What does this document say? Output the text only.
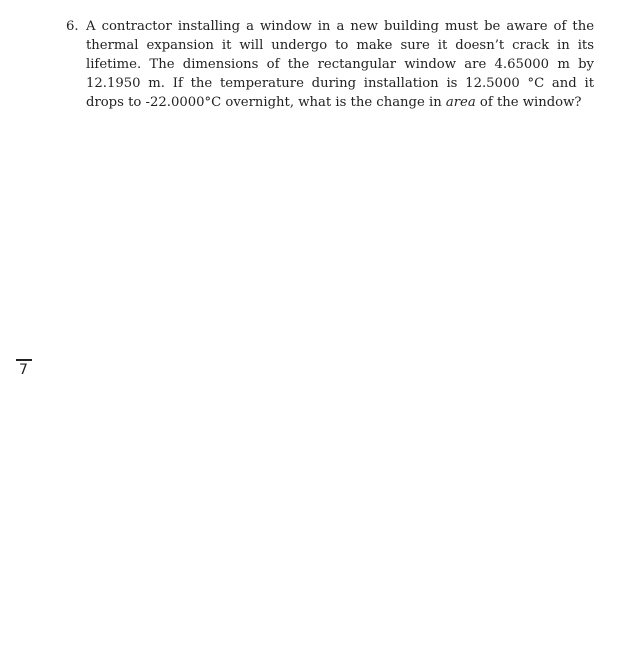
6. A contractor installing a window in a new building must be aware of the thermal expansion it will undergo to make sure it doesn’t crack in its lifetime. The dimensions of the rectangular window are 4.65000 m by 12.1950 m. If the temperature during installation is 12.5000 °C and it drops to -22.0000°C overnight, what is the change in area of the window?
7
